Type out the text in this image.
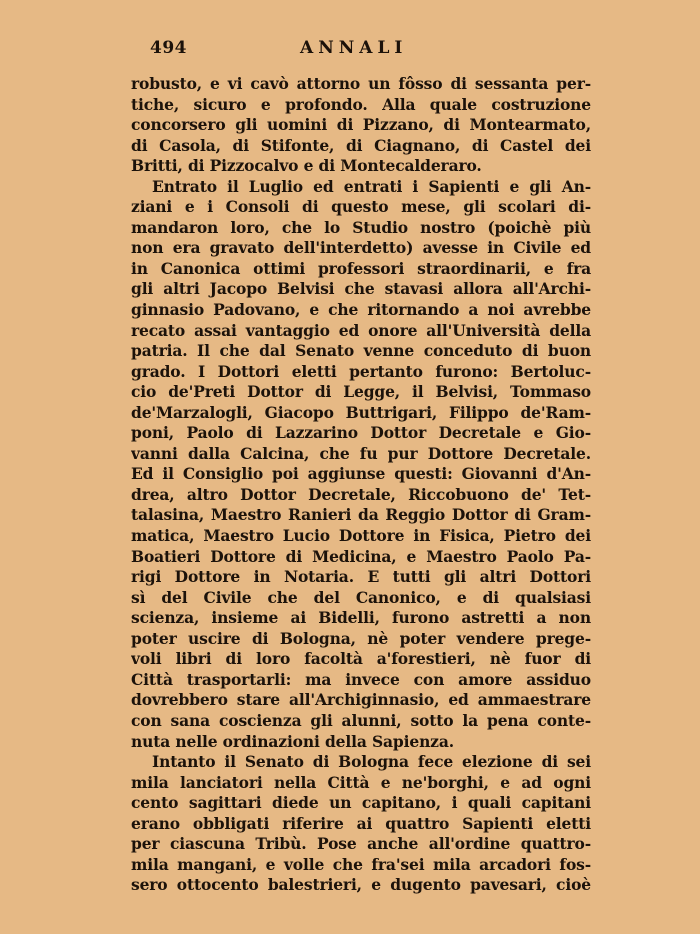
494	ANNALI
robusto, e vi cavò attorno un fôsso di sessanta per-
tiche, sicuro e profondo. Alla quale costruzione
concorsero gli uomini di Pizzano, di Montearmato,
di Casola, di Stifonte, di Ciagnano, di Castel dei
Britti, di Pizzocalvo e di Montecalderaro.
Entrato il Luglio ed entrati i Sapienti e gli An-
ziani e i Consoli di questo mese, gli scolari di-
mandaron loro, che lo Studio nostro (poichè più
non era gravato dell'interdetto) avesse in Civile ed
in Canonica ottimi professori straordinarii, e fra
gli altri Jacopo Belvisi che stavasi allora all'Archi-
ginnasio Padovano, e che ritornando a noi avrebbe
recato assai vantaggio ed onore all'Università della
patria. Il che dal Senato venne conceduto di buon
grado. I Dottori eletti pertanto furono: Bertoluc-
cio de'Preti Dottor di Legge, il Belvisi, Tommaso
de'Marzalogli, Giacopo Buttrigari, Filippo de'Ram-
poni, Paolo di Lazzarino Dottor Decretale e Gio-
vanni dalla Calcina, che fu pur Dottore Decretale.
Ed il Consiglio poi aggiunse questi: Giovanni d'An-
drea, altro Dottor Decretale, Riccobuono de' Tet-
talasina, Maestro Ranieri da Reggio Dottor di Gram-
matica, Maestro Lucio Dottore in Fisica, Pietro dei
Boatieri Dottore di Medicina, e Maestro Paolo Pa-
rigi Dottore in Notaria. E tutti gli altri Dottori
sì del Civile che del Canonico, e di qualsiasi
scienza, insieme ai Bidelli, furono astretti a non
poter uscire di Bologna, nè poter vendere prege-
voli libri di loro facoltà a'forestieri, nè fuor di
Città trasportarli: ma invece con amore assiduo
dovrebbero stare all'Archiginnasio, ed ammaestrare
con sana coscienza gli alunni, sotto la pena conte-
nuta nelle ordinazioni della Sapienza.
Intanto il Senato di Bologna fece elezione di sei
mila lanciatori nella Città e ne'borghi, e ad ogni
cento sagittari diede un capitano, i quali capitani
erano obbligati riferire ai quattro Sapienti eletti
per ciascuna Tribù. Pose anche all'ordine quattro-
mila mangani, e volle che fra'sei mila arcadori fos-
sero ottocento balestrieri, e dugento pavesari, cioè
